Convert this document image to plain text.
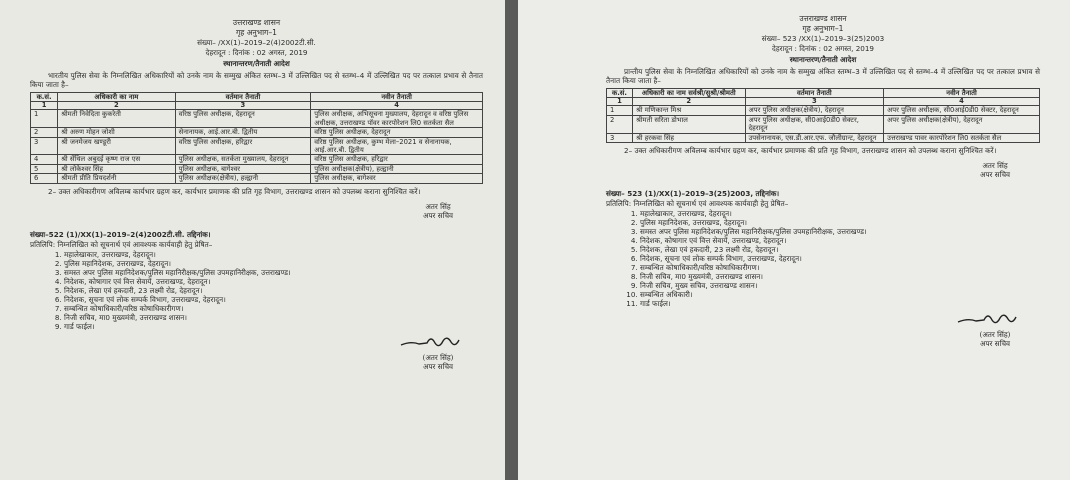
उत्तराखण्ड शासन
गृह अनुभाग–1
संख्या– /XX(1)–2019–2(4)2002टी.सी.
देहरादून : दिनांक : 02 अगस्त, 2019
स्थानान्तरण/तैनाती आदेश
भारतीय पुलिस सेवा के निम्नलिखित अधिकारियों को उनके नाम के सम्मुख अंकित स्तम्भ–3 में उल्लिखित पद से स्तम्भ–4 में उल्लिखित पद पर तत्काल प्रभाव से तैनात किया जाता है–
क.सं.	अधिकारी का नाम	वर्तमान तैनाती	नवीन तैनाती
1	2	3	4
1	श्रीमती निवेदिता कुकरेती	वरिष्ठ पुलिस अधीक्षक, देहरादून	पुलिस अधीक्षक, अभिसूचना मुख्यालय, देहरादून व वरिष्ठ पुलिस अधीक्षक, उत्तराखण्ड पॉवर कारपोरेशन लि0 सतर्कता सैल
2	श्री अरुण मोहन जोशी	सेनानायक, आई.आर.बी. द्वितीय	वरिष्ठ पुलिस अधीक्षक, देहरादून
3	श्री जनमेजय खण्डूरी	वरिष्ठ पुलिस अधीक्षक, हरिद्वार	वरिष्ठ पुलिस अधीक्षक, कुम्भ मेला–2021 व सेनानायक, आई.आर.बी. द्वितीय
4	श्री सेंथिल अबुदई कृष्ण राज एस	पुलिस अधीक्षक, सतर्कता मुख्यालय, देहरादून	वरिष्ठ पुलिस अधीक्षक, हरिद्वार
5	श्री लोकेश्वर सिंह	पुलिस अधीक्षक, बागेश्वर	पुलिस अधीक्षक(क्षेत्रीय), हल्द्वानी
6	श्रीमती प्रीति प्रियदर्शनी	पुलिस अधीक्षक(क्षेत्रीय), हल्द्वानी	पुलिस अधीक्षक, बागेश्वर
2– उक्त अधिकारीगण अविलम्ब कार्यभार ग्रहण कर, कार्यभार प्रमाणक की प्रति गृह विभाग, उत्तराखण्ड शासन को उपलब्ध कराना सुनिश्चित करें।
अतर सिंह
अपर सचिव
संख्या–522 (1)/XX(1)–2019–2(4)2002टी.सी. तद्दिनांक।
प्रतिलिपि: निम्नलिखित को सूचनार्थ एवं आवश्यक कार्यवाही हेतु प्रेषित–
1. महालेखाकार, उत्तराखण्ड, देहरादून।
2. पुलिस महानिदेशक, उत्तराखण्ड, देहरादून।
3. समस्त अपर पुलिस महानिदेशक/पुलिस महानिरीक्षक/पुलिस उपमहानिरीक्षक, उत्तराखण्ड।
4. निदेशक, कोषागार एवं वित्त सेवायें, उत्तराखण्ड, देहरादून।
5. निदेशक, लेखा एवं हकदारी, 23 लक्ष्मी रोड, देहरादून।
6. निदेशक, सूचना एवं लोक सम्पर्क विभाग, उत्तराखण्ड, देहरादून।
7. सम्बन्धित कोषाधिकारी/वरिष्ठ कोषाधिकारीगण।
8. निजी सचिव, मा0 मुख्यमंत्री, उत्तराखण्ड शासन।
9. गार्ड फाईल।
(अतर सिंह)
अपर सचिव
उत्तराखण्ड शासन
गृह अनुभाग–1
संख्या– 523 /XX(1)–2019–3(25)2003
देहरादून : दिनांक : 02 अगस्त, 2019
स्थानान्तरण/तैनाती आदेश
प्रान्तीय पुलिस सेवा के निम्नलिखित अधिकारियों को उनके नाम के सम्मुख अंकित स्तम्भ–3 में उल्लिखित पद से स्तम्भ–4 में उल्लिखित पद पर तत्काल प्रभाव से तैनात किया जाता है–
क.सं.	अधिकारी का नाम सर्वश्री/सुश्री/श्रीमती	वर्तमान तैनाती	नवीन तैनाती
1	2	3	4
1	श्री मणिकान्त मिश्र	अपर पुलिस अधीक्षक(क्षेत्रीय), देहरादून	अपर पुलिस अधीक्षक, सी0आई0डी0 सेक्टर, देहरादून
2	श्रीमती सरिता डोभाल	अपर पुलिस अधीक्षक, सी0आई0डी0 सेक्टर, देहरादून	अपर पुलिस अधीक्षक(क्षेत्रीय), देहरादून
3	श्री हरकवा सिंह	उपसेनानायक, एस.डी.आर.एफ. जौलीग्रान्ट, देहरादून	उत्तराखण्ड पावर कारपोरेशन लि0 सतर्कता सैल
2– उक्त अधिकारीगण अविलम्ब कार्यभार ग्रहण कर, कार्यभार प्रमाणक की प्रति गृह विभाग, उत्तराखण्ड शासन को उपलब्ध कराना सुनिश्चित करें।
अतर सिंह
अपर सचिव
संख्या– 523 (1)/XX(1)–2019–3(25)2003, तद्दिनांक।
प्रतिलिपि: निम्नलिखित को सूचनार्थ एवं आवश्यक कार्यवाही हेतु प्रेषित–
1. महालेखाकार, उत्तराखण्ड, देहरादून।
2. पुलिस महानिदेशक, उत्तराखण्ड, देहरादून।
3. समस्त अपर पुलिस महानिदेशक/पुलिस महानिरीक्षक/पुलिस उपमहानिरीक्षक, उत्तराखण्ड।
4. निदेशक, कोषागार एवं वित्त सेवायें, उत्तराखण्ड, देहरादून।
5. निदेशक, लेखा एवं हकदारी, 23 लक्ष्मी रोड, देहरादून।
6. निदेशक, सूचना एवं लोक सम्पर्क विभाग, उत्तराखण्ड, देहरादून।
7. सम्बन्धित कोषाधिकारी/वरिष्ठ कोषाधिकारीगण।
8. निजी सचिव, मा0 मुख्यमंत्री, उत्तराखण्ड शासन।
9. निजी सचिव, मुख्य सचिव, उत्तराखण्ड शासन।
10. सम्बन्धित अधिकारी।
11. गार्ड फाईल।
(अतर सिंह)
अपर सचिव
